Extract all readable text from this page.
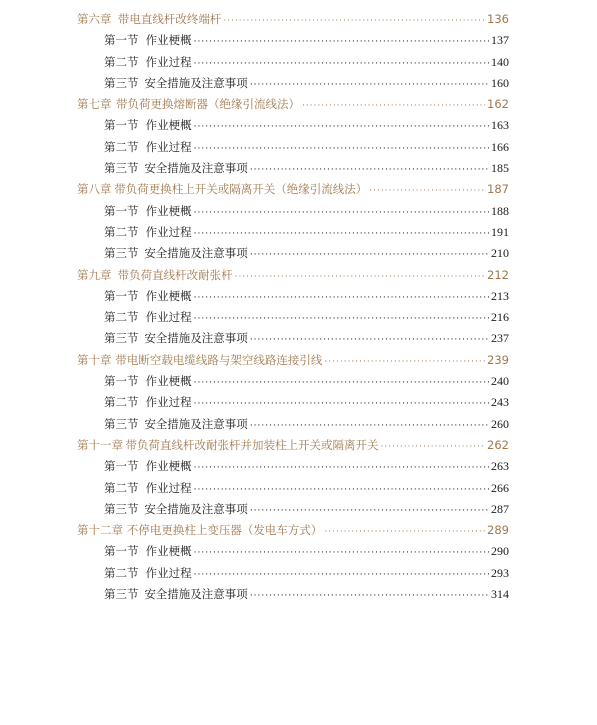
第六章 带电直线杆改终端杆 ·····	136
第一节 作业梗概 ·····	137
第二节 作业过程 ·····	140
第三节 安全措施及注意事项 ·····	160
第七章 带负荷更换熔断器（绝缘引流线法） ·····	162
第一节 作业梗概 ·····	163
第二节 作业过程 ·····	166
第三节 安全措施及注意事项 ·····	185
第八章 带负荷更换柱上开关或隔离开关（绝缘引流线法） ·····	187
第一节 作业梗概 ·····	188
第二节 作业过程 ·····	191
第三节 安全措施及注意事项 ·····	210
第九章 带负荷直线杆改耐张杆 ·····	212
第一节 作业梗概 ·····	213
第二节 作业过程 ·····	216
第三节 安全措施及注意事项 ·····	237
第十章 带电断空载电缆线路与架空线路连接引线 ·····	239
第一节 作业梗概 ·····	240
第二节 作业过程 ·····	243
第三节 安全措施及注意事项 ·····	260
第十一章 带负荷直线杆改耐张杆并加装柱上开关或隔离开关 ·····	262
第一节 作业梗概 ·····	263
第二节 作业过程 ·····	266
第三节 安全措施及注意事项 ·····	287
第十二章 不停电更换柱上变压器（发电车方式） ·····	289
第一节 作业梗概 ·····	290
第二节 作业过程 ·····	293
第三节 安全措施及注意事项 ·····	314
